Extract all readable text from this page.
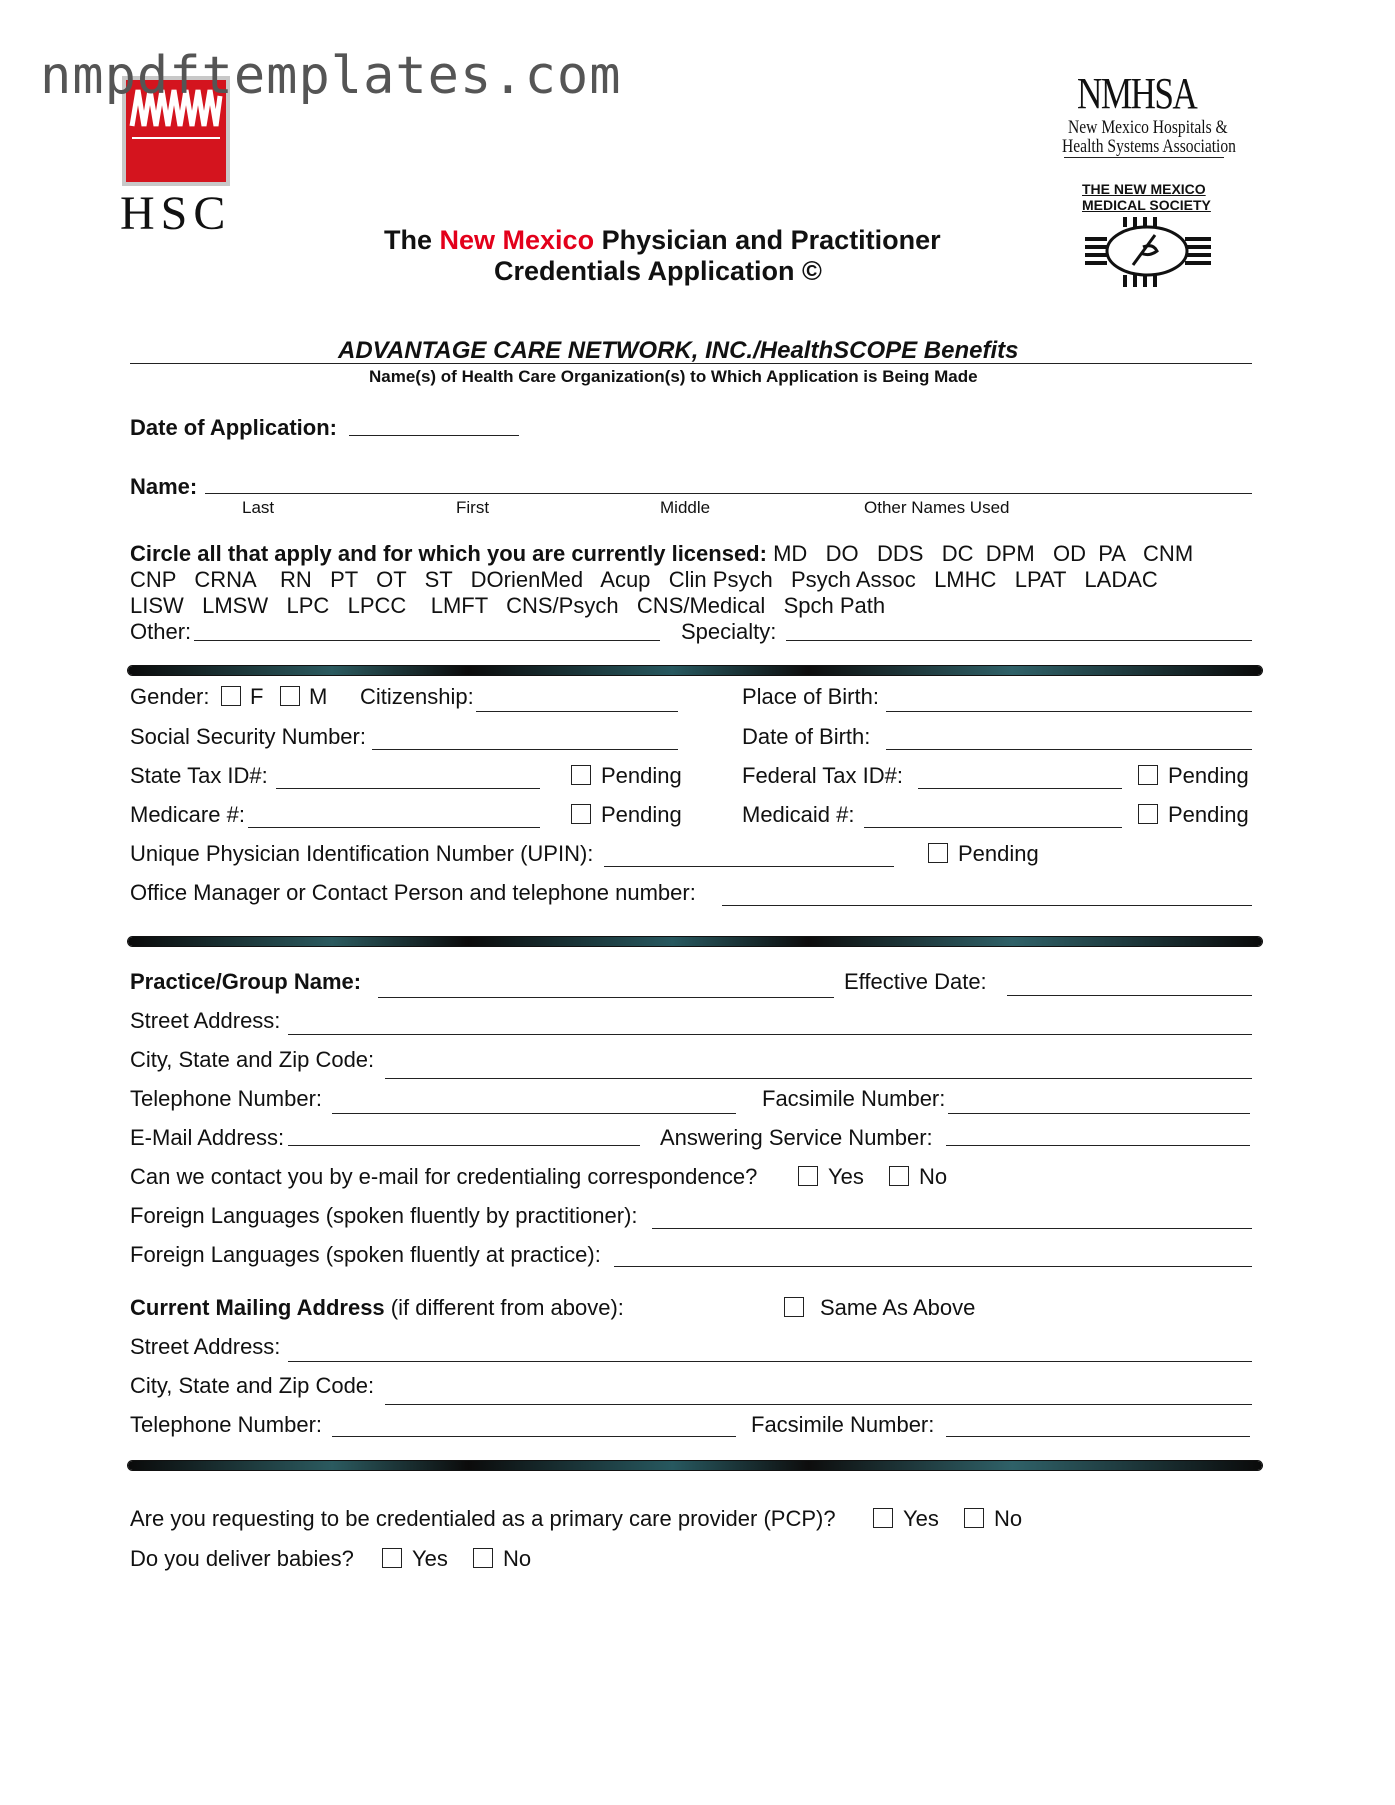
nmpdftemplates.com
HSC
NMHSA
New Mexico Hospitals &
Health Systems Association
THE NEW MEXICO
MEDICAL SOCIETY
The New Mexico Physician and Practitioner
Credentials Application ©
ADVANTAGE CARE NETWORK, INC./HealthSCOPE Benefits
Name(s) of Health Care Organization(s) to Which Application is Being Made
Date of Application:
Name:
Last	First	Middle	Other Names Used
Circle all that apply and for which you are currently licensed: MD   DO   DDS   DC  DPM   OD  PA   CNM
CNP   CRNA    RN   PT   OT   ST   DOrienMed   Acup   Clin Psych   Psych Assoc   LMHC   LPAT   LADAC
LISW   LMSW   LPC   LPCC    LMFT   CNS/Psych   CNS/Medical   Spch Path
Other:	Specialty:
Gender: F M Citizenship:	Place of Birth:
Social Security Number:	Date of Birth:
State Tax ID#:	Pending	Federal Tax ID#:	Pending
Medicare #:	Pending	Medicaid #:	Pending
Unique Physician Identification Number (UPIN):	Pending
Office Manager or Contact Person and telephone number:
Practice/Group Name:	Effective Date:
Street Address:
City, State and Zip Code:
Telephone Number:	Facsimile Number:
E-Mail Address:	Answering Service Number:
Can we contact you by e-mail for credentialing correspondence?	Yes	No
Foreign Languages (spoken fluently by practitioner):
Foreign Languages (spoken fluently at practice):
Current Mailing Address (if different from above):	Same As Above
Street Address:
City, State and Zip Code:
Telephone Number:	Facsimile Number:
Are you requesting to be credentialed as a primary care provider (PCP)?	Yes	No
Do you deliver babies?	Yes	No
